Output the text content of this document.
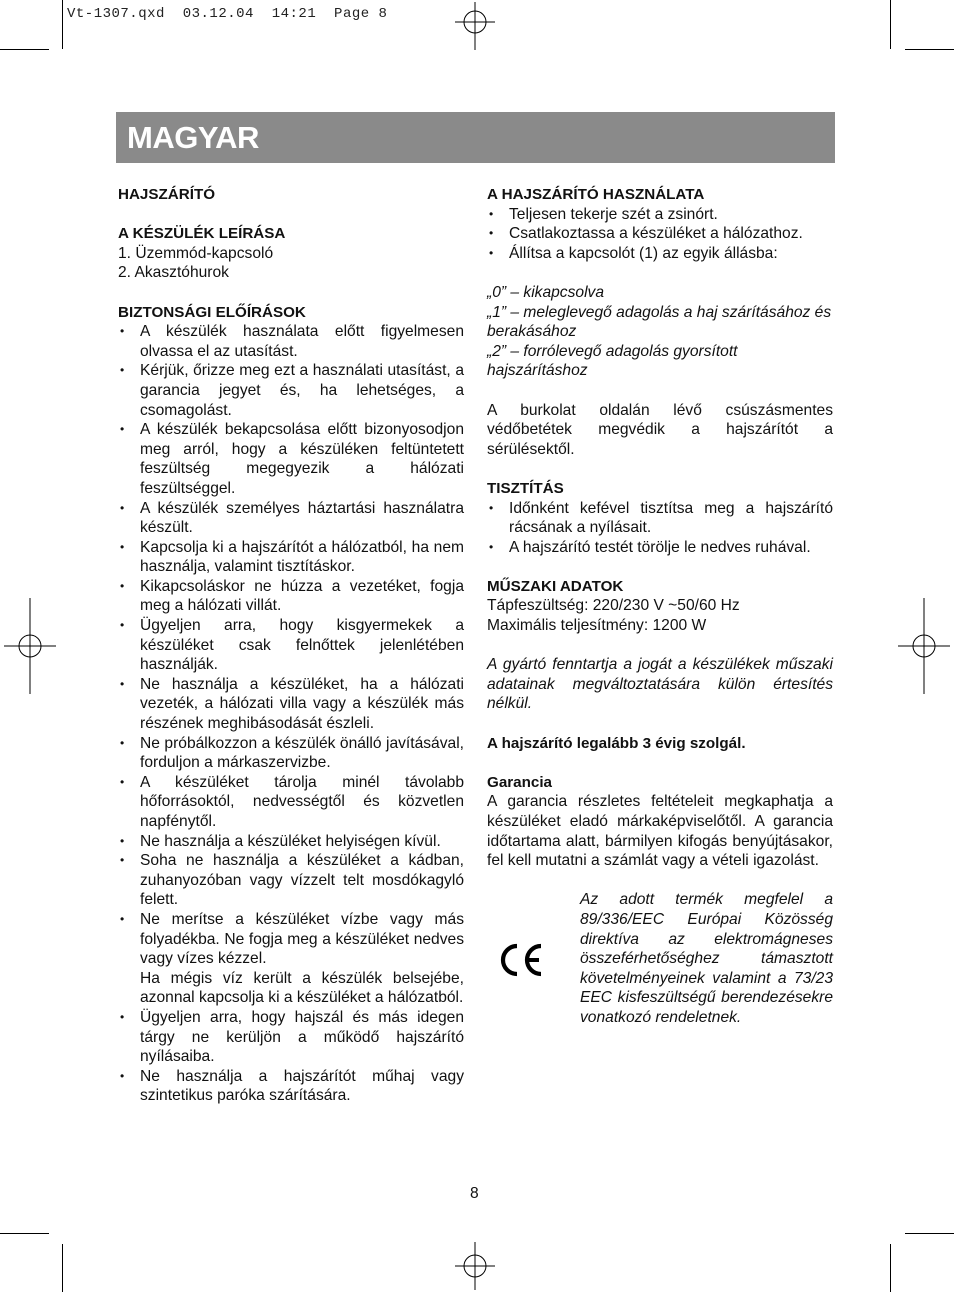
Vt-1307.qxd  03.12.04  14:21  Page 8
MAGYAR
HAJSZÁRÍTÓ
A KÉSZÜLÉK LEÍRÁSA
1. Üzemmód-kapcsoló
2. Akasztóhurok
BIZTONSÁGI ELŐÍRÁSOK
• A készülék használata előtt figyelmesen olvassa el az utasítást.
• Kérjük, őrizze meg ezt a használati utasítást, a garancia jegyet és, ha lehetséges, a csomagolást.
• A készülék bekapcsolása előtt bizonyosodjon meg arról, hogy a készüléken feltüntetett feszültség megegyezik a hálózati feszültséggel.
• A készülék személyes háztartási használatra készült.
• Kapcsolja ki a hajszárítót a hálózatból, ha nem használja, valamint tisztításkor.
• Kikapcsoláskor ne húzza a vezetéket, fogja meg a hálózati villát.
• Ügyeljen arra, hogy kisgyermekek a készüléket csak felnőttek jelenlétében használják.
• Ne használja a készüléket, ha a hálózati vezeték, a hálózati villa vagy a készülék más részének meghibásodását észleli.
• Ne próbálkozzon a készülék önálló javításával, forduljon a márkaszervizbe.
• A készüléket tárolja minél távolabb hőforrásoktól, nedvességtől és közvetlen napfénytől.
• Ne használja a készüléket helyiségen kívül.
• Soha ne használja a készüléket a kádban, zuhanyozóban vagy vízzelt telt mosdókagyló felett.
• Ne merítse a készüléket vízbe vagy más folyadékba. Ne fogja meg a készüléket nedves vagy vízes kézzel.
Ha mégis víz került a készülék belsejébe, azonnal kapcsolja ki a készüléket a hálózatból.
• Ügyeljen arra, hogy hajszál és más idegen tárgy ne kerüljön a működő hajszárító nyílásaiba.
• Ne használja a hajszárítót műhaj vagy szintetikus paróka szárítására.
A HAJSZÁRÍTÓ HASZNÁLATA
• Teljesen tekerje szét a zsinórt.
• Csatlakoztassa a készüléket a hálózathoz.
• Állítsa a kapcsolót (1) az egyik állásba:
„0” – kikapcsolva
„1” – meleglevegő adagolás a haj szárításához és berakásához
„2” – forrólevegő adagolás gyorsított hajszárításhoz
A burkolat oldalán lévő csúszásmentes védőbetétek megvédik a hajszárítót a sérülésektől.
TISZTÍTÁS
• Időnként kefével tisztítsa meg a hajszárító rácsának a nyílásait.
• A hajszárító testét törölje le nedves ruhával.
MŰSZAKI ADATOK
Tápfeszültség: 220/230 V ~50/60 Hz
Maximális teljesítmény: 1200 W
A gyártó fenntartja a jogát a készülékek műszaki adatainak megváltoztatására külön értesítés nélkül.
A hajszárító legalább 3 évig szolgál.
Garancia
A garancia részletes feltételeit megkaphatja a készüléket eladó márkaképviselőtől. A garancia időtartama alatt, bármilyen kifogás benyújtásakor, fel kell mutatni a számlát vagy a vételi igazolást.
Az adott termék megfelel a 89/336/EEC Európai Közösség direktíva az elektromágneses összeférhetőséghez támasztott követelményeinek valamint a 73/23 EEC kisfeszültségű berendezésekre vonatkozó rendeletnek.
8
